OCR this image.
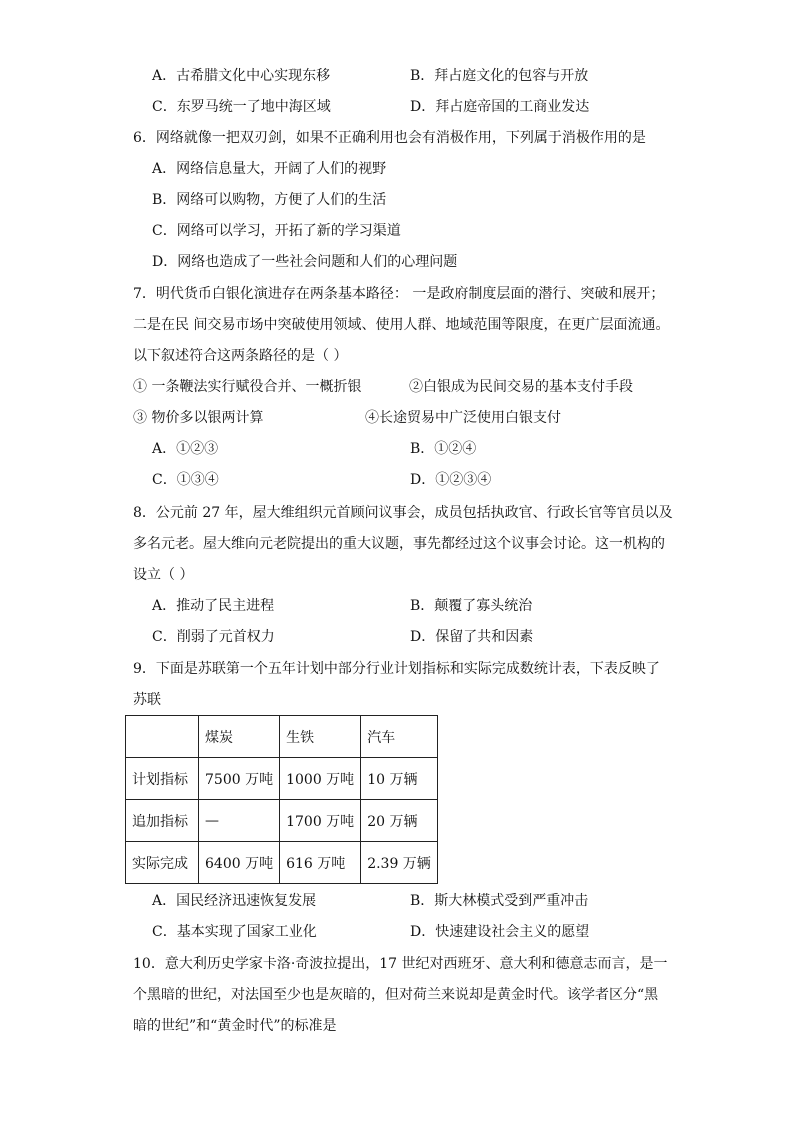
A．古希腊文化中心实现东移	B．拜占庭文化的包容与开放
C．东罗马统一了地中海区域	D．拜占庭帝国的工商业发达
6．网络就像一把双刃剑，如果不正确利用也会有消极作用，下列属于消极作用的是
A．网络信息量大，开阔了人们的视野
B．网络可以购物，方便了人们的生活
C．网络可以学习，开拓了新的学习渠道
D．网络也造成了一些社会问题和人们的心理问题
7．明代货币白银化演进存在两条基本路径： 一是政府制度层面的潜行、突破和展开；
二是在民 间交易市场中突破使用领域、使用人群、地域范围等限度，在更广层面流通。
以下叙述符合这两条路径的是（ ）
① 一条鞭法实行赋役合并、一概折银	②白银成为民间交易的基本支付手段
③ 物价多以银两计算	④长途贸易中广泛使用白银支付
A．①②③	B．①②④
C．①③④	D．①②③④
8．公元前 27 年，屋大维组织元首顾问议事会，成员包括执政官、行政长官等官员以及
多名元老。屋大维向元老院提出的重大议题，事先都经过这个议事会讨论。这一机构的
设立（ ）
A．推动了民主进程	B．颠覆了寡头统治
C．削弱了元首权力	D．保留了共和因素
9．下面是苏联第一个五年计划中部分行业计划指标和实际完成数统计表，下表反映了
苏联
	煤炭	生铁	汽车
计划指标	7500 万吨	1000 万吨	10 万辆
追加指标	—	1700 万吨	20 万辆
实际完成	6400 万吨	616 万吨	2.39 万辆
A．国民经济迅速恢复发展	B．斯大林模式受到严重冲击
C．基本实现了国家工业化	D．快速建设社会主义的愿望
10．意大利历史学家卡洛·奇波拉提出，17 世纪对西班牙、意大利和德意志而言，是一
个黑暗的世纪，对法国至少也是灰暗的，但对荷兰来说却是黄金时代。该学者区分“黑
暗的世纪”和“黄金时代”的标准是
